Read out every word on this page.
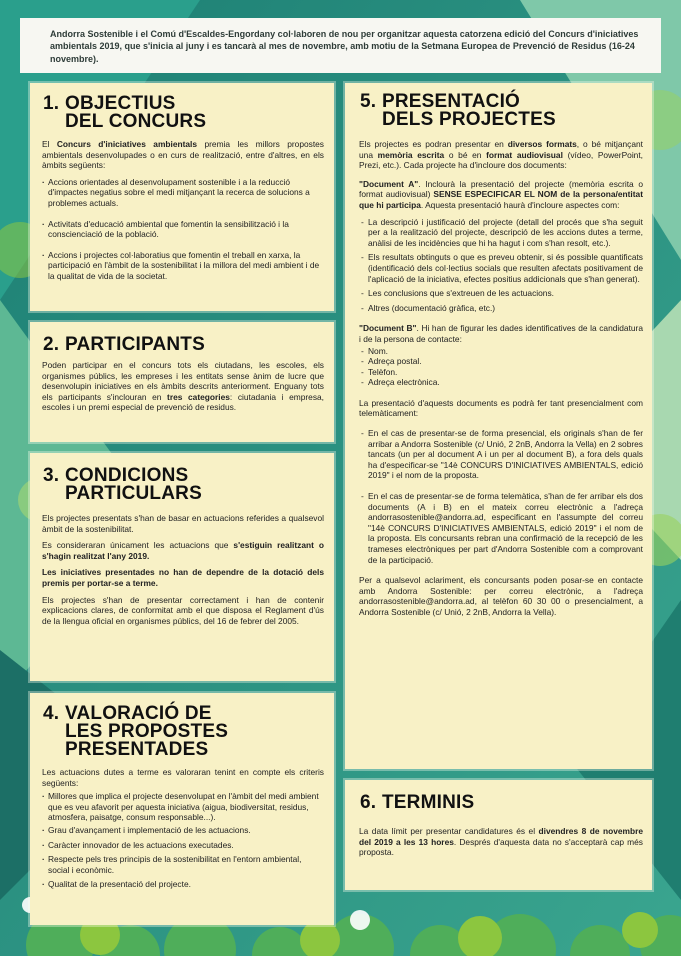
Andorra Sostenible i el Comú d'Escaldes-Engordany col·laboren de nou per organitzar aquesta catorzena edició del Concurs d'iniciatives ambientals 2019, que s'inicia al juny i es tancarà al mes de novembre, amb motiu de la Setmana Europea de Prevenció de Residus (16-24 novembre).
1. OBJECTIUS
DEL CONCURS

El Concurs d'iniciatives ambientals premia les millors propostes ambientals desenvolupades o en curs de realització, entre d'altres, en els àmbits següents:

· Accions orientades al desenvolupament sostenible i a la reducció d'impactes negatius sobre el medi mitjançant la recerca de solucions a problemes actuals.
· Activitats d'educació ambiental que fomentin la sensibilització i la conscienciació de la població.
· Accions i projectes col·laboratius que fomentin el treball en xarxa, la participació en l'àmbit de la sostenibilitat i la millora del medi ambient i de la qualitat de vida de la societat.
2. PARTICIPANTS

Poden participar en el concurs tots els ciutadans, les escoles, els organismes públics, les empreses i les entitats sense ànim de lucre que desenvolupin iniciatives en els àmbits descrits anteriorment. Enguany tots els participants s'inclouran en tres categories: ciutadania i empresa, escoles i un premi especial de prevenció de residus.

3. CONDICIONS
PARTICULARS

Els projectes presentats s'han de basar en actuacions referides a qualsevol àmbit de la sostenibilitat.

Es consideraran únicament les actuacions que s'estiguin realitzant o s'hagin realitzat l'any 2019.

Les iniciatives presentades no han de dependre de la dotació dels premis per portar-se a terme.

Els projectes s'han de presentar correctament i han de contenir explicacions clares, de conformitat amb el que disposa el Reglament d'ús de la llengua oficial en organismes públics, del 16 de febrer del 2005.

4. VALORACIÓ DE
LES PROPOSTES
PRESENTADES

Les actuacions dutes a terme es valoraran tenint en compte els criteris següents:

· Millores que implica el projecte desenvolupat en l'àmbit del medi ambient que es veu afavorit per aquesta iniciativa (aigua, biodiversitat, residus, atmosfera, paisatge, consum responsable...).
· Grau d'avançament i implementació de les actuacions.
· Caràcter innovador de les actuacions executades.
· Respecte pels tres principis de la sostenibilitat en l'entorn ambiental, social i econòmic.
· Qualitat de la presentació del projecte.
5. PRESENTACIÓ
DELS PROJECTES

Els projectes es podran presentar en diversos formats, o bé mitjançant una memòria escrita o bé en format audiovisual (vídeo, PowerPoint, Prezi, etc.). Cada projecte ha d'incloure dos documents:

"Document A". Inclourà la presentació del projecte (memòria escrita o format audiovisual) SENSE ESPECIFICAR EL NOM de la persona/entitat que hi participa. Aquesta presentació haurà d'incloure aspectes com:

- La descripció i justificació del projecte (detall del procés que s'ha seguit per a la realització del projecte, descripció de les accions dutes a terme, anàlisi de les incidències que hi ha hagut i com s'han resolt, etc.).
- Els resultats obtinguts o que es preveu obtenir, si és possible quantificats (identificació dels col·lectius socials que resulten afectats positivament de l'aplicació de la iniciativa, efectes positius addicionals que s'han generat).
- Les conclusions que s'extreuen de les actuacions.
- Altres (documentació gràfica, etc.)

"Document B". Hi han de figurar les dades identificatives de la candidatura i de la persona de contacte:

- Nom.
- Adreça postal.
- Telèfon.
- Adreça electrònica.

La presentació d'aquests documents es podrà fer tant presencialment com telemàticament:

- En el cas de presentar-se de forma presencial, els originals s'han de fer arribar a Andorra Sostenible (c/ Unió, 2 2nB, Andorra la Vella) en 2 sobres tancats (un per al document A i un per al document B), a fora dels quals ha d'especificar-se "14è CONCURS D'INICIATIVES AMBIENTALS, edició 2019" i el nom de la proposta.
- En el cas de presentar-se de forma telemàtica, s'han de fer arribar els dos documents (A i B) en el mateix correu electrònic a l'adreça andorrasostenible@andorra.ad, especificant en l'assumpte del correu "14è CONCURS D'INICIATIVES AMBIENTALS, edició 2019" i el nom de la proposta. Els concursants rebran una confirmació de la recepció de les trameses electròniques per part d'Andorra Sostenible com a comprovant de la participació.

Per a qualsevol aclariment, els concursants poden posar-se en contacte amb Andorra Sostenible: per correu electrònic, a l'adreça andorrasostenible@andorra.ad, al telèfon 60 30 00 o presencialment, a Andorra Sostenible (c/ Unió, 2 2nB, Andorra la Vella).

6. TERMINIS

La data límit per presentar candidatures és el divendres 8 de novembre del 2019 a les 13 hores. Després d'aquesta data no s'acceptarà cap més proposta.
